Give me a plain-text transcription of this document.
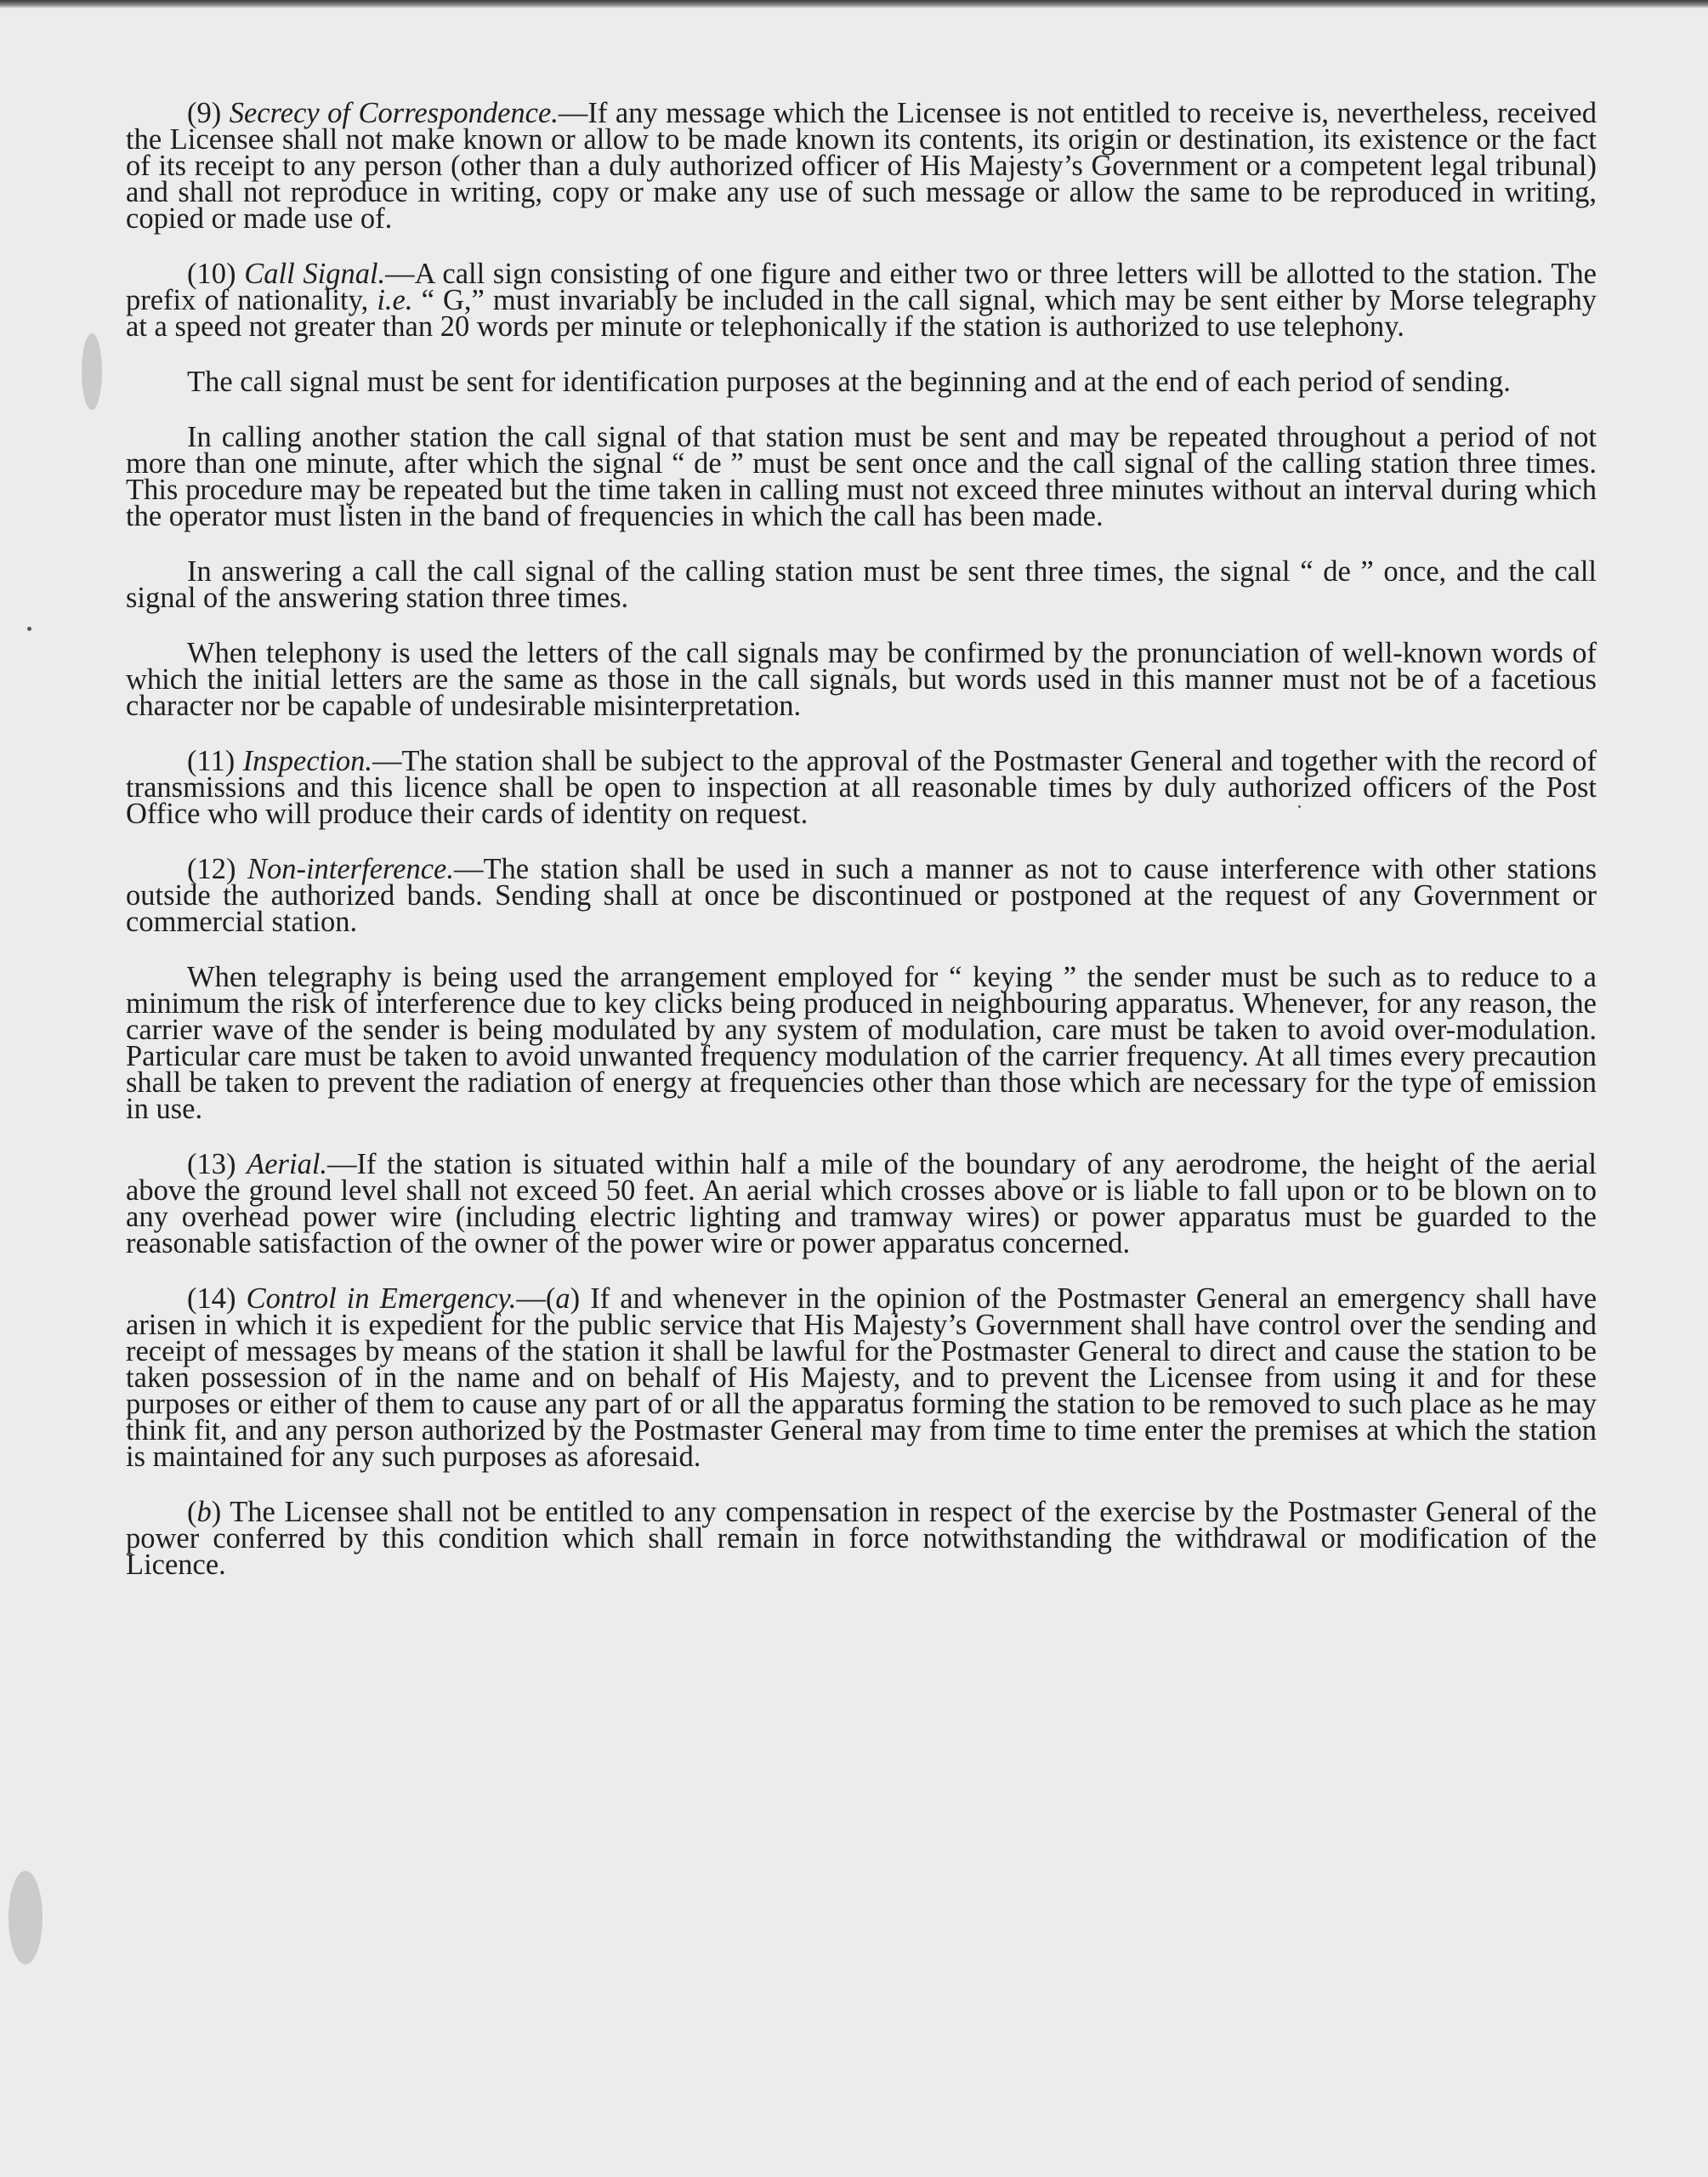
(9) Secrecy of Correspondence.—If any message which the Licensee is not entitled to receive is, nevertheless, received the Licensee shall not make known or allow to be made known its contents, its origin or destination, its existence or the fact of its receipt to any person (other than a duly authorized officer of His Majesty’s Government or a competent legal tribunal) and shall not reproduce in writing, copy or make any use of such message or allow the same to be reproduced in writing, copied or made use of.

(10) Call Signal.—A call sign consisting of one figure and either two or three letters will be allotted to the station. The prefix of nationality, i.e. “ G,” must invariably be included in the call signal, which may be sent either by Morse telegraphy at a speed not greater than 20 words per minute or telephonically if the station is authorized to use telephony.

The call signal must be sent for identification purposes at the beginning and at the end of each period of sending.

In calling another station the call signal of that station must be sent and may be repeated throughout a period of not more than one minute, after which the signal “ de ” must be sent once and the call signal of the calling station three times. This procedure may be repeated but the time taken in calling must not exceed three minutes without an interval during which the operator must listen in the band of frequencies in which the call has been made.

In answering a call the call signal of the calling station must be sent three times, the signal “ de ” once, and the call signal of the answering station three times.

When telephony is used the letters of the call signals may be confirmed by the pronunciation of well-known words of which the initial letters are the same as those in the call signals, but words used in this manner must not be of a facetious character nor be capable of undesirable misinterpretation.

(11) Inspection.—The station shall be subject to the approval of the Postmaster General and together with the record of transmissions and this licence shall be open to inspection at all reasonable times by duly authorized officers of the Post Office who will produce their cards of identity on request.

(12) Non-interference.—The station shall be used in such a manner as not to cause interference with other stations outside the authorized bands. Sending shall at once be discontinued or postponed at the request of any Government or commercial station.

When telegraphy is being used the arrangement employed for “ keying ” the sender must be such as to reduce to a minimum the risk of interference due to key clicks being produced in neighbouring apparatus. Whenever, for any reason, the carrier wave of the sender is being modulated by any system of modulation, care must be taken to avoid over-modulation. Particular care must be taken to avoid unwanted frequency modulation of the carrier frequency. At all times every precaution shall be taken to prevent the radiation of energy at frequencies other than those which are necessary for the type of emission in use.

(13) Aerial.—If the station is situated within half a mile of the boundary of any aerodrome, the height of the aerial above the ground level shall not exceed 50 feet. An aerial which crosses above or is liable to fall upon or to be blown on to any overhead power wire (including electric lighting and tramway wires) or power apparatus must be guarded to the reasonable satisfaction of the owner of the power wire or power apparatus concerned.

(14) Control in Emergency.—(a) If and whenever in the opinion of the Postmaster General an emergency shall have arisen in which it is expedient for the public service that His Majesty’s Government shall have control over the sending and receipt of messages by means of the station it shall be lawful for the Postmaster General to direct and cause the station to be taken possession of in the name and on behalf of His Majesty, and to prevent the Licensee from using it and for these purposes or either of them to cause any part of or all the apparatus forming the station to be removed to such place as he may think fit, and any person authorized by the Postmaster General may from time to time enter the premises at which the station is maintained for any such purposes as aforesaid.

(b) The Licensee shall not be entitled to any compensation in respect of the exercise by the Postmaster General of the power conferred by this condition which shall remain in force notwithstanding the withdrawal or modification of the Licence.
